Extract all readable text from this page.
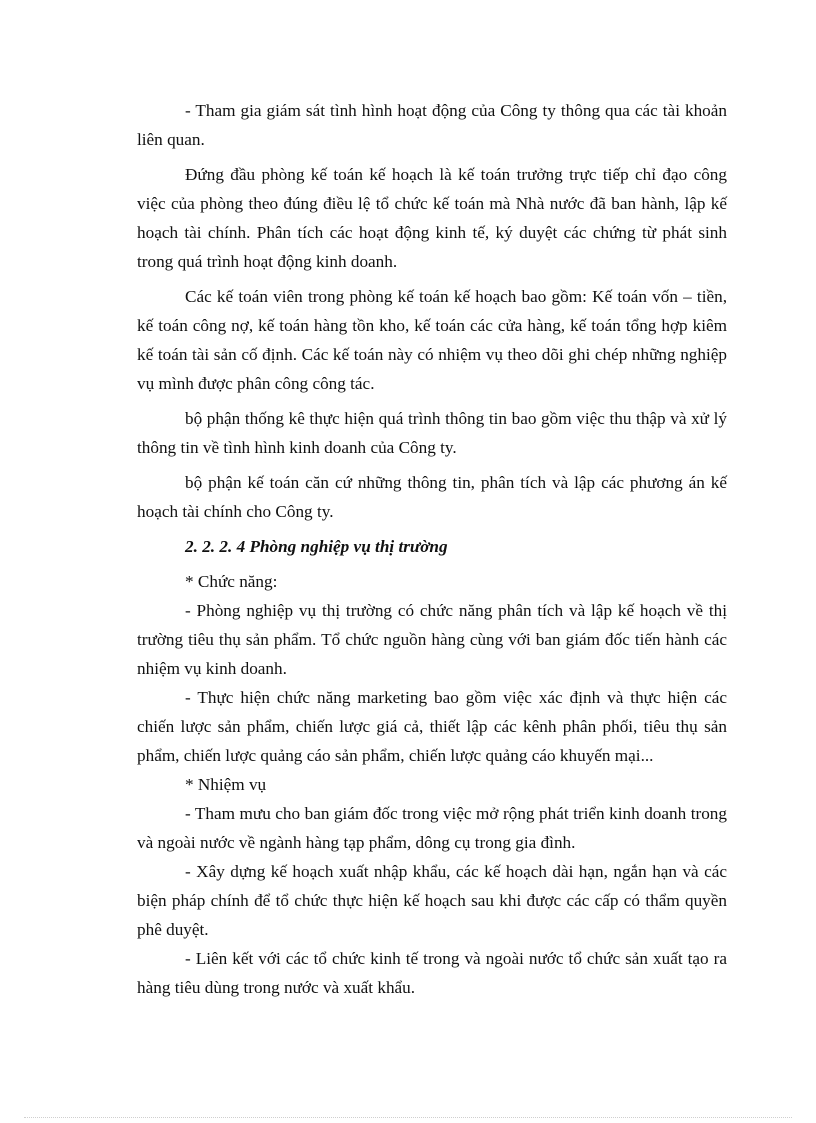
- Tham gia giám sát tình hình hoạt động của Công ty thông qua các tài khoản liên quan.

Đứng đầu phòng kế toán kế hoạch là kế toán trưởng trực tiếp chỉ đạo công việc của phòng theo đúng điều lệ tổ chức kế toán mà Nhà nước đã ban hành, lập kế hoạch tài chính. Phân tích các hoạt động kinh tế, ký duyệt các chứng từ phát sinh trong quá trình hoạt động kinh doanh.

Các kế toán viên trong phòng kế toán kế hoạch bao gồm: Kế toán vốn – tiền, kế toán công nợ, kế toán hàng tồn kho, kế toán các cửa hàng, kế toán tổng hợp kiêm kế toán tài sản cố định. Các kế toán này có nhiệm vụ theo dõi ghi chép những nghiệp vụ mình được phân công công tác.

bộ phận thống kê thực hiện quá trình thông tin bao gồm việc thu thập và xử lý thông tin về tình hình kinh doanh của Công ty.

bộ phận kế toán căn cứ những thông tin, phân tích và lập các phương án kế hoạch tài chính cho Công ty.

2. 2. 2. 4 Phòng nghiệp vụ thị trường

* Chức năng:

- Phòng nghiệp vụ thị trường có chức năng phân tích và lập kế hoạch về thị trường tiêu thụ sản phẩm. Tổ chức nguồn hàng cùng với ban giám đốc tiến hành các nhiệm vụ kinh doanh.

- Thực hiện chức năng marketing bao gồm việc xác định và thực hiện các chiến lược sản phẩm, chiến lược giá cả, thiết lập các kênh phân phối, tiêu thụ sản phẩm, chiến lược quảng cáo sản phẩm, chiến lược quảng cáo khuyến mại...

* Nhiệm vụ

- Tham mưu cho ban giám đốc trong việc mở rộng phát triển kinh doanh trong và ngoài nước về ngành hàng tạp phẩm, dông cụ trong gia đình.

- Xây dựng kế hoạch xuất nhập khẩu, các kế hoạch dài hạn, ngắn hạn và các biện pháp chính để tổ chức thực hiện kế hoạch sau khi được các cấp có thẩm quyền phê duyệt.

- Liên kết với các tổ chức kinh tế trong và ngoài nước tổ chức sản xuất tạo ra hàng tiêu dùng trong nước và xuất khẩu.
